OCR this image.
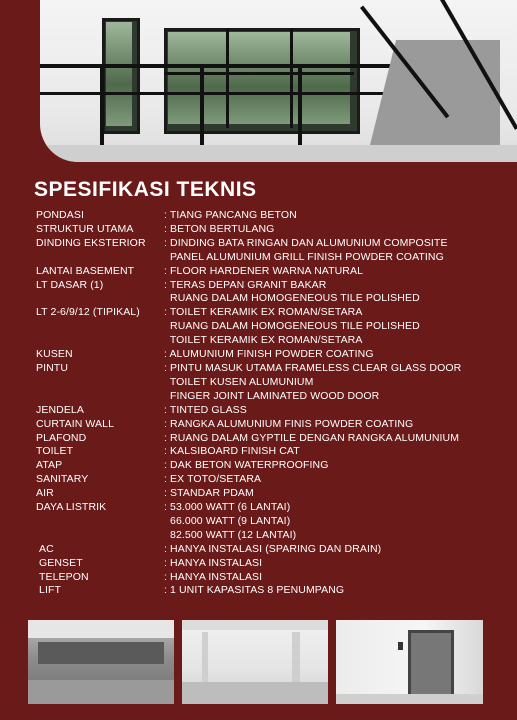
SPESIFIKASI TEKNIS
PONDASI	: TIANG PANCANG BETON
STRUKTUR UTAMA	: BETON BERTULANG
DINDING EKSTERIOR	: DINDING BATA RINGAN DAN ALUMUNIUM COMPOSITE
PANEL ALUMUNIUM GRILL FINISH POWDER COATING
LANTAI BASEMENT	: FLOOR HARDENER WARNA NATURAL
LT DASAR (1)	: TERAS DEPAN GRANIT BAKAR
RUANG DALAM HOMOGENEOUS TILE POLISHED
LT 2-6/9/12 (TIPIKAL)	: TOILET KERAMIK EX ROMAN/SETARA
RUANG DALAM HOMOGENEOUS TILE POLISHED
TOILET KERAMIK EX ROMAN/SETARA
KUSEN	: ALUMUNIUM FINISH POWDER COATING
PINTU	: PINTU MASUK UTAMA FRAMELESS CLEAR GLASS DOOR
TOILET KUSEN ALUMUNIUM
FINGER JOINT LAMINATED WOOD DOOR
JENDELA	: TINTED GLASS
CURTAIN WALL	: RANGKA ALUMUNIUM FINIS POWDER COATING
PLAFOND	: RUANG DALAM GYPTILE DENGAN RANGKA ALUMUNIUM
TOILET	: KALSIBOARD FINISH CAT
ATAP	: DAK BETON WATERPROOFING
SANITARY	: EX TOTO/SETARA
AIR	: STANDAR PDAM
DAYA LISTRIK	: 53.000 WATT (6 LANTAI)
66.000 WATT (9 LANTAI)
82.500 WATT (12 LANTAI)
AC	: HANYA INSTALASI (SPARING DAN DRAIN)
GENSET	: HANYA INSTALASI
TELEPON	: HANYA INSTALASI
LIFT	: 1 UNIT KAPASITAS 8 PENUMPANG
